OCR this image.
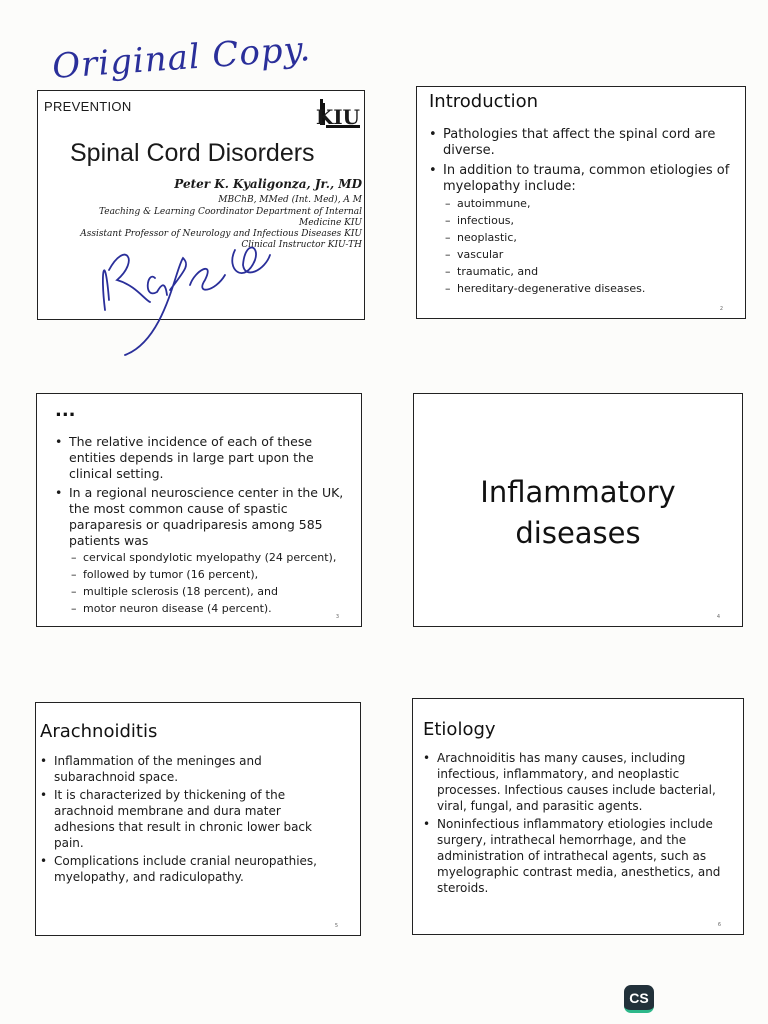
Original Copy.
PREVENTION	KIU
Spinal Cord Disorders
Peter K. Kyaligonza, Jr., MD
MBChB, MMed (Int. Med), A M
Teaching & Learning Coordinator Department of Internal
Medicine KIU
Assistant Professor of Neurology and Infectious Diseases KIU
Clinical Instructor KIU-TH
Introduction
• Pathologies that affect the spinal cord are diverse.
• In addition to trauma, common etiologies of myelopathy include:
– autoimmune,
– infectious,
– neoplastic,
– vascular
– traumatic, and
– hereditary-degenerative diseases.
2
...
• The relative incidence of each of these entities depends in large part upon the clinical setting.
• In a regional neuroscience center in the UK, the most common cause of spastic paraparesis or quadriparesis among 585 patients was
– cervical spondylotic myelopathy (24 percent),
– followed by tumor (16 percent),
– multiple sclerosis (18 percent), and
– motor neuron disease (4 percent).
3
Inflammatory
diseases
4
Arachnoiditis
• Inflammation of the meninges and subarachnoid space.
• It is characterized by thickening of the arachnoid membrane and dura mater adhesions that result in chronic lower back pain.
• Complications include cranial neuropathies, myelopathy, and radiculopathy.
5
Etiology
• Arachnoiditis has many causes, including infectious, inflammatory, and neoplastic processes. Infectious causes include bacterial, viral, fungal, and parasitic agents.
• Noninfectious inflammatory etiologies include surgery, intrathecal hemorrhage, and the administration of intrathecal agents, such as myelographic contrast media, anesthetics, and steroids.
6
CS
